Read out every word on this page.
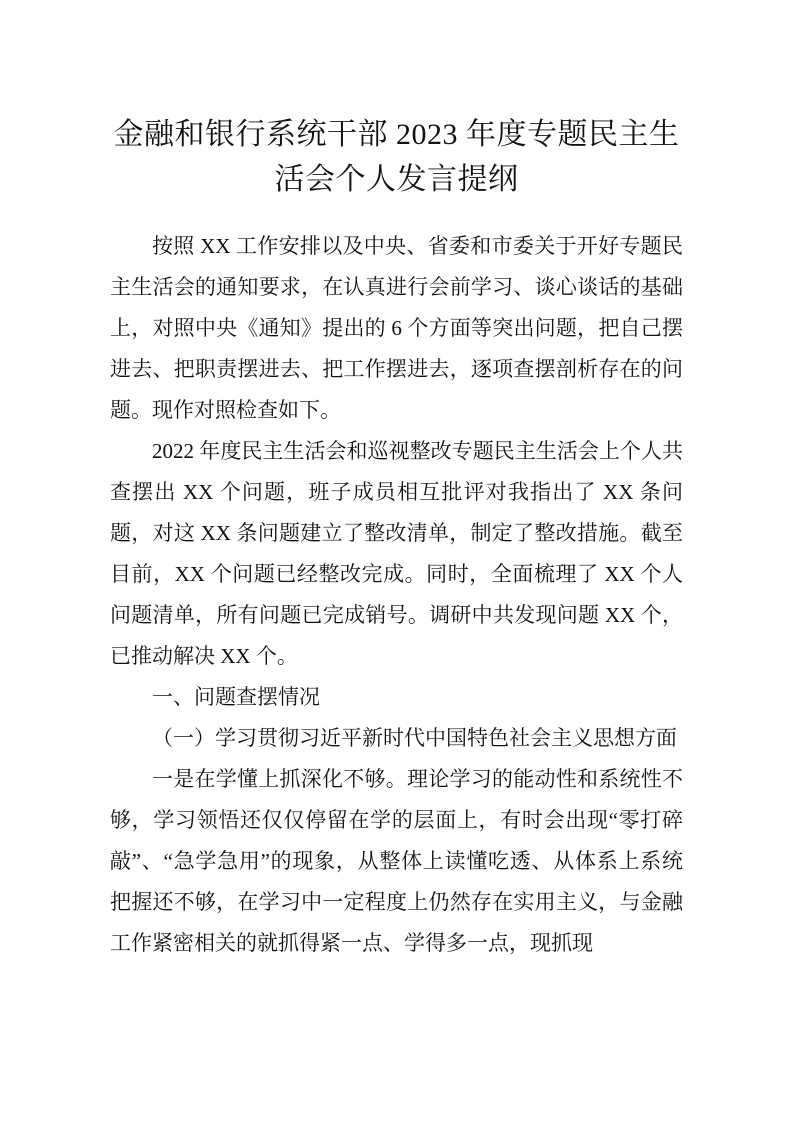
金融和银行系统干部 2023 年度专题民主生活会个人发言提纲

按照 XX 工作安排以及中央、省委和市委关于开好专题民主生活会的通知要求，在认真进行会前学习、谈心谈话的基础上，对照中央《通知》提出的 6 个方面等突出问题，把自己摆进去、把职责摆进去、把工作摆进去，逐项查摆剖析存在的问题。现作对照检查如下。

2022 年度民主生活会和巡视整改专题民主生活会上个人共查摆出 XX 个问题，班子成员相互批评对我指出了 XX 条问题，对这 XX 条问题建立了整改清单，制定了整改措施。截至目前，XX 个问题已经整改完成。同时，全面梳理了 XX 个人问题清单，所有问题已完成销号。调研中共发现问题 XX 个，已推动解决 XX 个。

一、问题查摆情况

（一）学习贯彻习近平新时代中国特色社会主义思想方面

一是在学懂上抓深化不够。理论学习的能动性和系统性不够，学习领悟还仅仅停留在学的层面上，有时会出现“零打碎敲”、“急学急用”的现象，从整体上读懂吃透、从体系上系统把握还不够，在学习中一定程度上仍然存在实用主义，与金融工作紧密相关的就抓得紧一点、学得多一点，现抓现
